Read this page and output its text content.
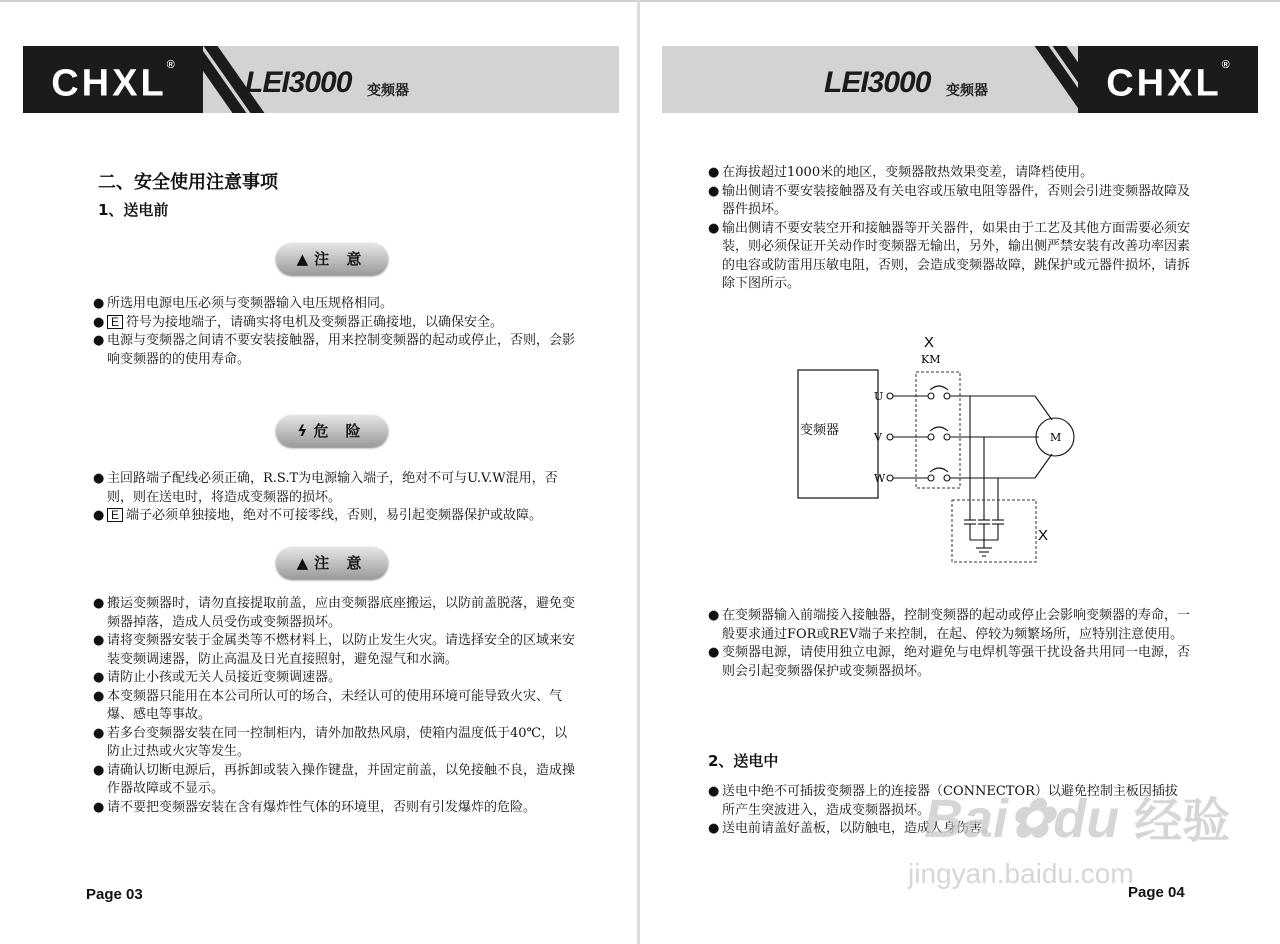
CHXL®
LEI3000 变频器
二、安全使用注意事项
1、送电前
▲ 注 意
● 所选用电源电压必须与变频器输入电压规格相同。
● E 符号为接地端子，请确实将电机及变频器正确接地，以确保安全。
● 电源与变频器之间请不要安装接触器，用来控制变频器的起动或停止，否则，会影响变频器的的使用寿命。
ϟ 危 险
● 主回路端子配线必须正确，R.S.T为电源输入端子，绝对不可与U.V.W混用，否则，则在送电时，将造成变频器的损坏。
● E 端子必须单独接地，绝对不可接零线，否则，易引起变频器保护或故障。
▲ 注 意
● 搬运变频器时，请勿直接提取前盖，应由变频器底座搬运，以防前盖脱落，避免变频器掉落，造成人员受伤或变频器损坏。
● 请将变频器安装于金属类等不燃材料上，以防止发生火灾。请选择安全的区域来安装变频调速器，防止高温及日光直接照射，避免湿气和水滴。
● 请防止小孩或无关人员接近变频调速器。
● 本变频器只能用在本公司所认可的场合，未经认可的使用环境可能导致火灾、气爆、感电等事故。
● 若多台变频器安装在同一控制柜内，请外加散热风扇，使箱内温度低于40℃，以防止过热或火灾等发生。
● 请确认切断电源后，再拆卸或装入操作键盘，并固定前盖，以免接触不良，造成操作器故障或不显示。
● 请不要把变频器安装在含有爆炸性气体的环境里，否则有引发爆炸的危险。
Page 03
LEI3000 变频器	CHXL®
● 在海拔超过1000米的地区，变频器散热效果变差，请降档使用。
● 输出侧请不要安装接触器及有关电容或压敏电阻等器件，否则会引进变频器故障及器件损坏。
● 输出侧请不要安装空开和接触器等开关器件，如果由于工艺及其他方面需要必须安装，则必须保证开关动作时变频器无输出，另外，输出侧严禁安装有改善功率因素的电容或防雷用压敏电阻，否则，会造成变频器故障，跳保护或元器件损坏，请拆除下图所示。
X
KM
变频器
U
V
W
M
X
● 在变频器输入前端接入接触器，控制变频器的起动或停止会影响变频器的寿命，一般要求通过FOR或REV端子来控制，在起、停较为频繁场所，应特别注意使用。
● 变频器电源，请使用独立电源，绝对避免与电焊机等强干扰设备共用同一电源，否则会引起变频器保护或变频器损坏。
2、送电中
● 送电中绝不可插拔变频器上的连接器（CONNECTOR）以避免控制主板因插拔所产生突波进入，造成变频器损坏。
● 送电前请盖好盖板，以防触电，造成人身伤害。
Bai✿du 经验
jingyan.baidu.com
Page 04
